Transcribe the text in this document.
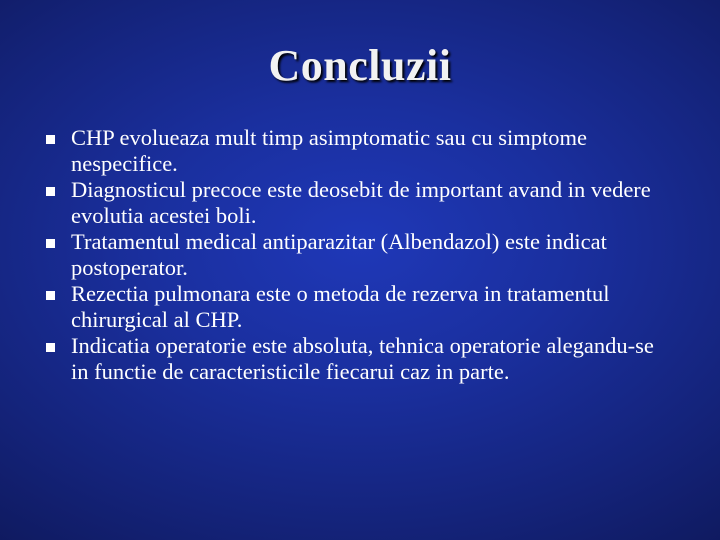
Concluzii
CHP evolueaza mult timp asimptomatic sau cu simptome nespecifice.
Diagnosticul precoce este deosebit de important avand in vedere evolutia acestei boli.
Tratamentul medical antiparazitar (Albendazol) este indicat postoperator.
Rezectia pulmonara este o metoda de rezerva in tratamentul chirurgical al CHP.
Indicatia operatorie este absoluta, tehnica operatorie alegandu-se in functie de caracteristicile fiecarui caz in parte.
